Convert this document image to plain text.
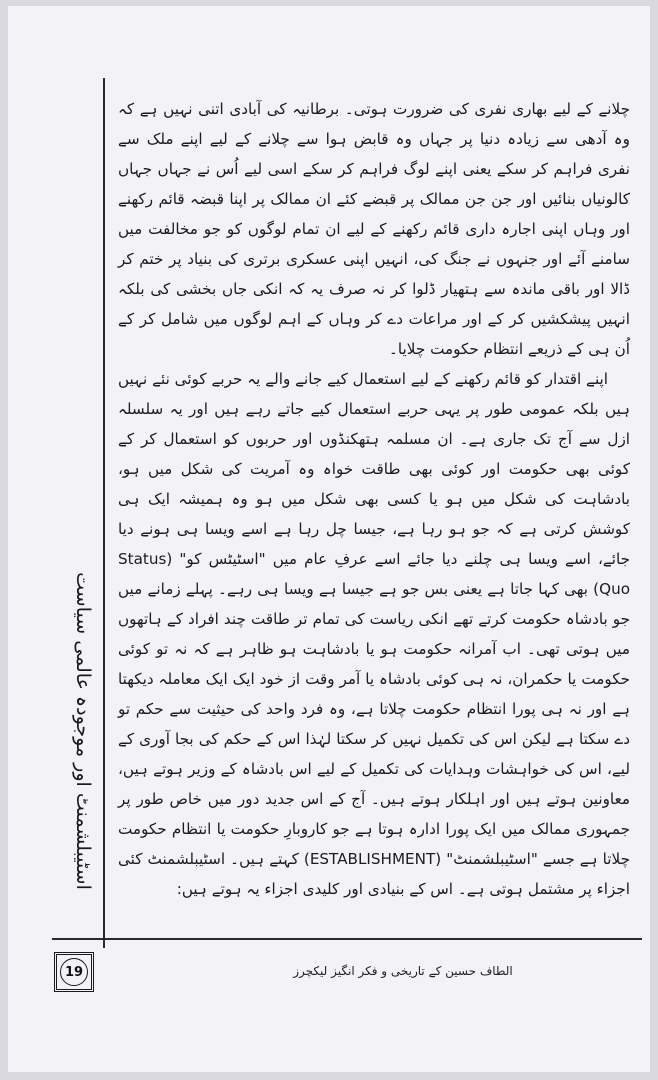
اسٹیبلشمنٹ اور موجودہ عالمی سیاست

چلانے کے لیے بھاری نفری کی ضرورت ہوتی۔ برطانیہ کی آبادی اتنی نہیں ہے کہ وہ آدھی سے زیادہ دنیا پر جہاں وہ قابض ہوا سے چلانے کے لیے اپنے ملک سے نفری فراہم کر سکے یعنی اپنے لوگ فراہم کر سکے اسی لیے اُس نے جہاں جہاں کالونیاں بنائیں اور جن جن ممالک پر قبضے کئے ان ممالک پر اپنا قبضہ قائم رکھنے اور وہاں اپنی اجارہ داری قائم رکھنے کے لیے ان تمام لوگوں کو جو مخالفت میں سامنے آئے اور جنہوں نے جنگ کی، انہیں اپنی عسکری برتری کی بنیاد پر ختم کر ڈالا اور باقی ماندہ سے ہتھیار ڈلوا کر نہ صرف یہ کہ انکی جاں بخشی کی بلکہ انہیں پیشکشیں کر کے اور مراعات دے کر وہاں کے اہم لوگوں میں شامل کر کے اُن ہی کے ذریعے انتظام حکومت چلایا۔

اپنے اقتدار کو قائم رکھنے کے لیے استعمال کیے جانے والے یہ حربے کوئی نئے نہیں ہیں بلکہ عمومی طور پر یہی حربے استعمال کیے جاتے رہے ہیں اور یہ سلسلہ ازل سے آج تک جاری ہے۔ ان مسلمہ ہتھکنڈوں اور حربوں کو استعمال کر کے کوئی بھی حکومت اور کوئی بھی طاقت خواہ وہ آمریت کی شکل میں ہو، بادشاہت کی شکل میں ہو یا کسی بھی شکل میں ہو وہ ہمیشہ ایک ہی کوشش کرتی ہے کہ جو ہو رہا ہے، جیسا چل رہا ہے اسے ویسا ہی ہونے دیا جائے، اسے ویسا ہی چلنے دیا جائے اسے عرفِ عام میں "اسٹیٹس کو" (Status Quo) بھی کہا جاتا ہے یعنی بس جو ہے جیسا ہے ویسا ہی رہے۔ پہلے زمانے میں جو بادشاہ حکومت کرتے تھے انکی ریاست کی تمام تر طاقت چند افراد کے ہاتھوں میں ہوتی تھی۔ اب آمرانہ حکومت ہو یا بادشاہت ہو ظاہر ہے کہ نہ تو کوئی حکومت یا حکمران، نہ ہی کوئی بادشاہ یا آمر وقت از خود ایک ایک معاملہ دیکھتا ہے اور نہ ہی پورا انتظام حکومت چلاتا ہے، وہ فرد واحد کی حیثیت سے حکم تو دے سکتا ہے لیکن اس کی تکمیل نہیں کر سکتا لہٰذا اس کے حکم کی بجا آوری کے لیے، اس کی خواہشات وہدایات کی تکمیل کے لیے اس بادشاہ کے وزیر ہوتے ہیں، معاونین ہوتے ہیں اور اہلکار ہوتے ہیں۔ آج کے اس جدید دور میں خاص طور پر جمہوری ممالک میں ایک پورا ادارہ ہوتا ہے جو کاروبارِ حکومت یا انتظام حکومت چلاتا ہے جسے "اسٹیبلشمنٹ" (ESTABLISHMENT) کہتے ہیں۔ اسٹیبلشمنٹ کئی اجزاء پر مشتمل ہوتی ہے۔ اس کے بنیادی اور کلیدی اجزاء یہ ہوتے ہیں:

19	الطاف حسین کے تاریخی و فکر انگیز لیکچرز
